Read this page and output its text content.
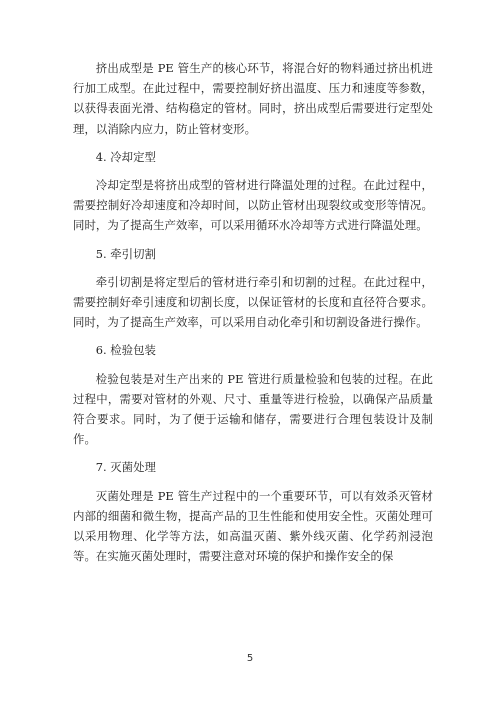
挤出成型是 PE 管生产的核心环节，将混合好的物料通过挤出机进行加工成型。在此过程中，需要控制好挤出温度、压力和速度等参数，以获得表面光滑、结构稳定的管材。同时，挤出成型后需要进行定型处理，以消除内应力，防止管材变形。

4. 冷却定型

冷却定型是将挤出成型的管材进行降温处理的过程。在此过程中，需要控制好冷却速度和冷却时间，以防止管材出现裂纹或变形等情况。同时，为了提高生产效率，可以采用循环水冷却等方式进行降温处理。

5. 牵引切割

牵引切割是将定型后的管材进行牵引和切割的过程。在此过程中，需要控制好牵引速度和切割长度，以保证管材的长度和直径符合要求。同时，为了提高生产效率，可以采用自动化牵引和切割设备进行操作。

6. 检验包装

检验包装是对生产出来的 PE 管进行质量检验和包装的过程。在此过程中，需要对管材的外观、尺寸、重量等进行检验，以确保产品质量符合要求。同时，为了便于运输和储存，需要进行合理包装设计及制作。

7. 灭菌处理

灭菌处理是 PE 管生产过程中的一个重要环节，可以有效杀灭管材内部的细菌和微生物，提高产品的卫生性能和使用安全性。灭菌处理可以采用物理、化学等方法，如高温灭菌、紫外线灭菌、化学药剂浸泡等。在实施灭菌处理时，需要注意对环境的保护和操作安全的保

5
